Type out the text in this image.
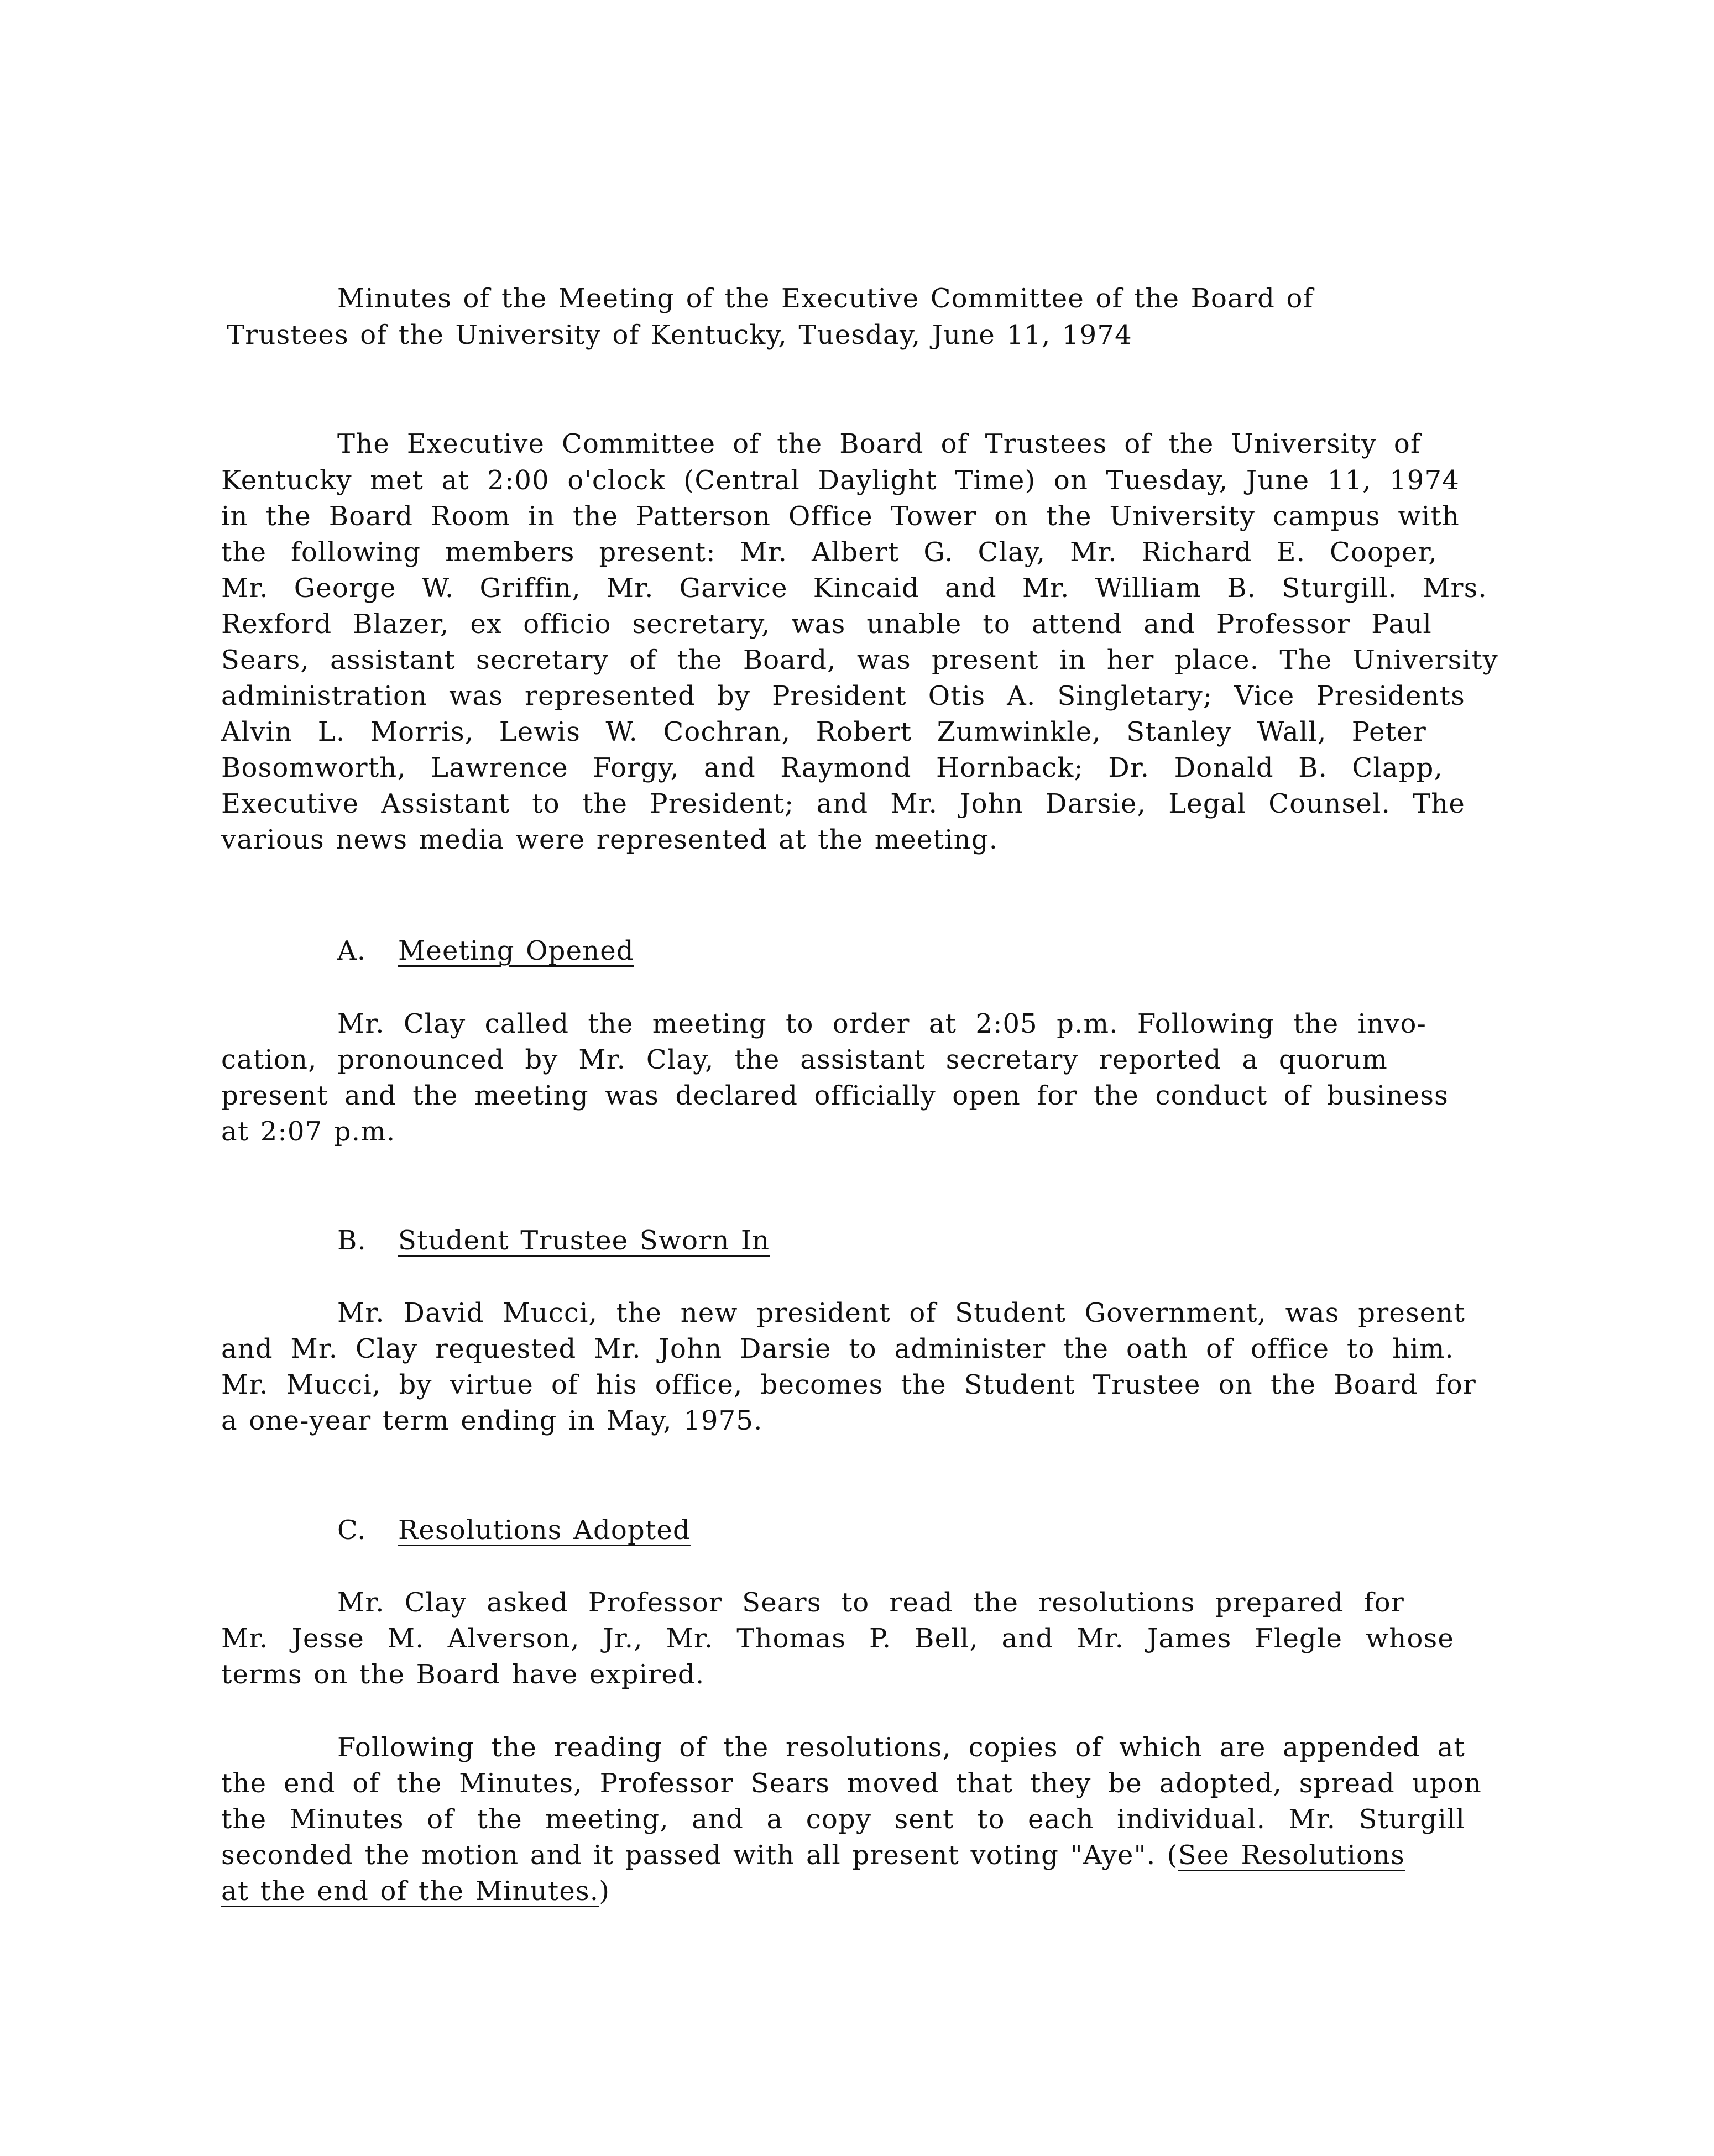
Minutes of the Meeting of the Executive Committee of the Board of
Trustees of the University of Kentucky, Tuesday, June 11, 1974
The Executive Committee of the Board of Trustees of the University of
Kentucky met at 2:00 o'clock (Central Daylight Time) on Tuesday, June 11, 1974
in the Board Room in the Patterson Office Tower on the University campus with
the following members present: Mr. Albert G. Clay, Mr. Richard E. Cooper,
Mr. George W. Griffin, Mr. Garvice Kincaid and Mr. William B. Sturgill. Mrs.
Rexford Blazer, ex officio secretary, was unable to attend and Professor Paul
Sears, assistant secretary of the Board, was present in her place. The University
administration was represented by President Otis A. Singletary; Vice Presidents
Alvin L. Morris, Lewis W. Cochran, Robert Zumwinkle, Stanley Wall, Peter
Bosomworth, Lawrence Forgy, and Raymond Hornback; Dr. Donald B. Clapp,
Executive Assistant to the President; and Mr. John Darsie, Legal Counsel. The
various news media were represented at the meeting.
A. Meeting Opened
Mr. Clay called the meeting to order at 2:05 p.m. Following the invo-
cation, pronounced by Mr. Clay, the assistant secretary reported a quorum
present and the meeting was declared officially open for the conduct of business
at 2:07 p.m.
B. Student Trustee Sworn In
Mr. David Mucci, the new president of Student Government, was present
and Mr. Clay requested Mr. John Darsie to administer the oath of office to him.
Mr. Mucci, by virtue of his office, becomes the Student Trustee on the Board for
a one-year term ending in May, 1975.
C. Resolutions Adopted
Mr. Clay asked Professor Sears to read the resolutions prepared for
Mr. Jesse M. Alverson, Jr., Mr. Thomas P. Bell, and Mr. James Flegle whose
terms on the Board have expired.
Following the reading of the resolutions, copies of which are appended at
the end of the Minutes, Professor Sears moved that they be adopted, spread upon
the Minutes of the meeting, and a copy sent to each individual. Mr. Sturgill
seconded the motion and it passed with all present voting "Aye". (See Resolutions
at the end of the Minutes.)
